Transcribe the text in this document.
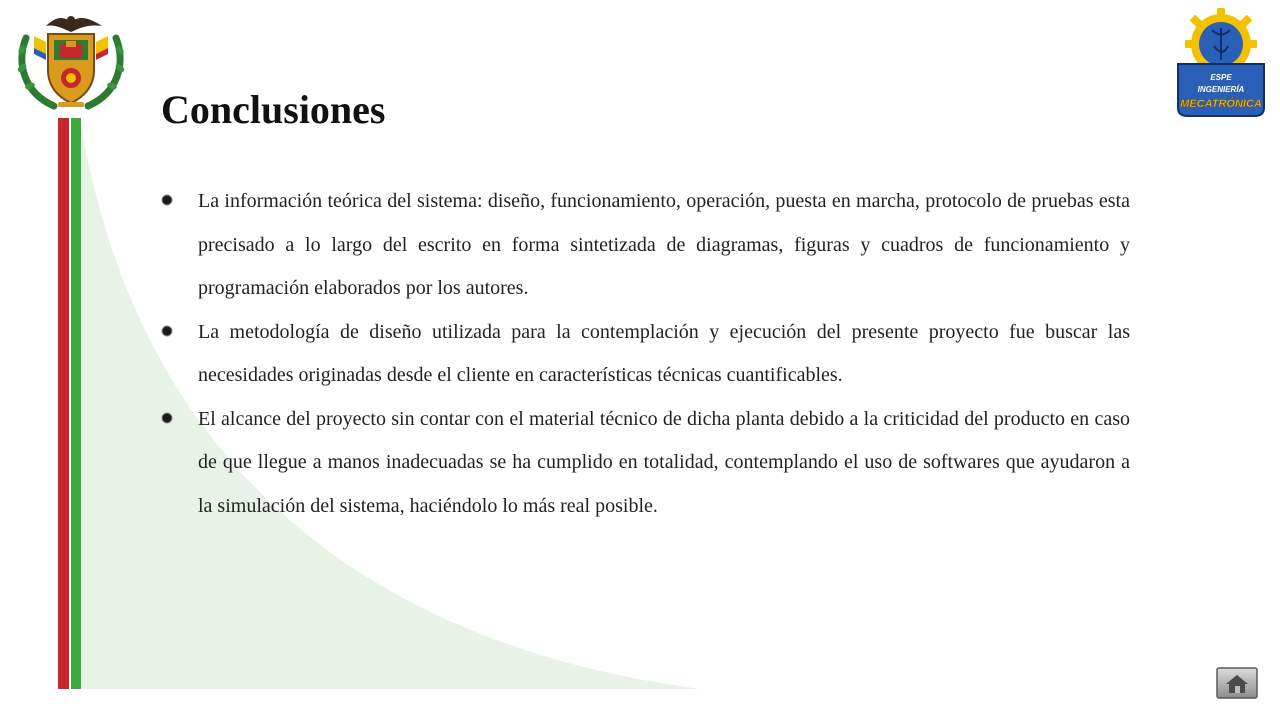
ESPE
INGENIERÍA
MECATRÓNICA
Conclusiones
La información teórica del sistema: diseño, funcionamiento, operación, puesta en marcha, protocolo de pruebas esta precisado a lo largo del escrito en forma sintetizada de diagramas, figuras y cuadros de funcionamiento y programación elaborados por los autores.
La metodología de diseño utilizada para la contemplación y ejecución del presente proyecto fue buscar las necesidades originadas desde el cliente en características técnicas cuantificables.
El alcance del proyecto sin contar con el material técnico de dicha planta debido a la criticidad del producto en caso de que llegue a manos inadecuadas se ha cumplido en totalidad, contemplando el uso de softwares que ayudaron a la simulación del sistema, haciéndolo lo más real posible.
